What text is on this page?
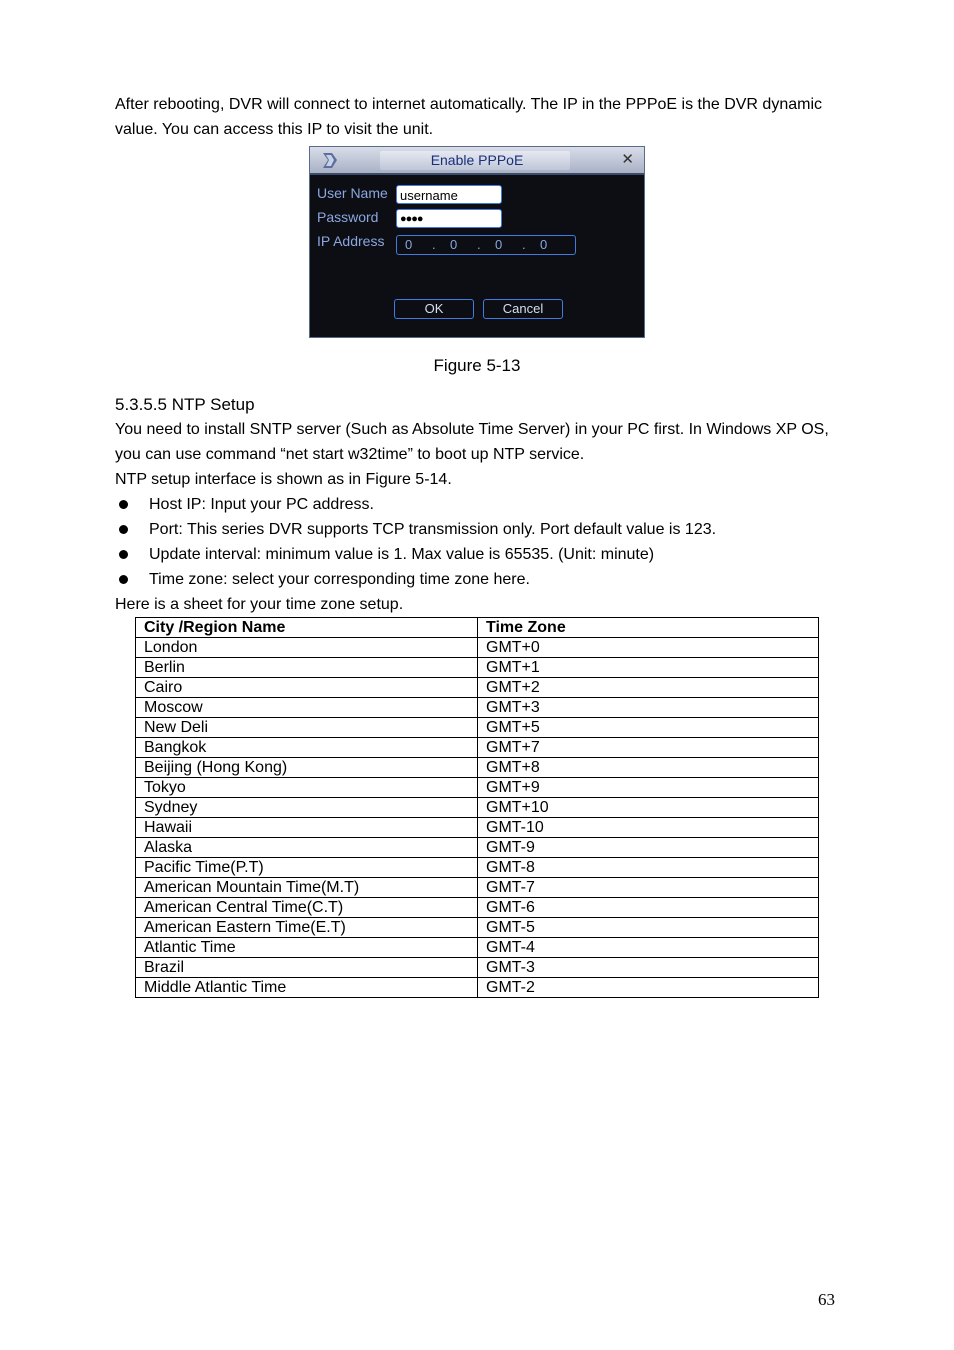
After rebooting, DVR will connect to internet automatically. The IP in the PPPoE is the DVR dynamic value. You can access this IP to visit the unit.

Enable PPPoE	✕
User Name username
Password	●●●●
IP Address 0 . 0 . 0 . 0
OK	Cancel
Figure 5-13

5.3.5.5 NTP Setup

You need to install SNTP server (Such as Absolute Time Server) in your PC first. In Windows XP OS, you can use command “net start w32time” to boot up NTP service.
NTP setup interface is shown as in Figure 5-14.
Host IP: Input your PC address.
Port: This series DVR supports TCP transmission only. Port default value is 123.
Update interval: minimum value is 1. Max value is 65535. (Unit: minute)
Time zone: select your corresponding time zone here.

Here is a sheet for your time zone setup.

City /Region Name	Time Zone
London	GMT+0
Berlin	GMT+1
Cairo	GMT+2
Moscow	GMT+3
New Deli	GMT+5
Bangkok	GMT+7
Beijing (Hong Kong)	GMT+8
Tokyo	GMT+9
Sydney	GMT+10
Hawaii	GMT-10
Alaska	GMT-9
Pacific Time(P.T)	GMT-8
American Mountain Time(M.T)	GMT-7
American Central Time(C.T)	GMT-6
American Eastern Time(E.T)	GMT-5
Atlantic Time	GMT-4
Brazil	GMT-3
Middle Atlantic Time	GMT-2
63
